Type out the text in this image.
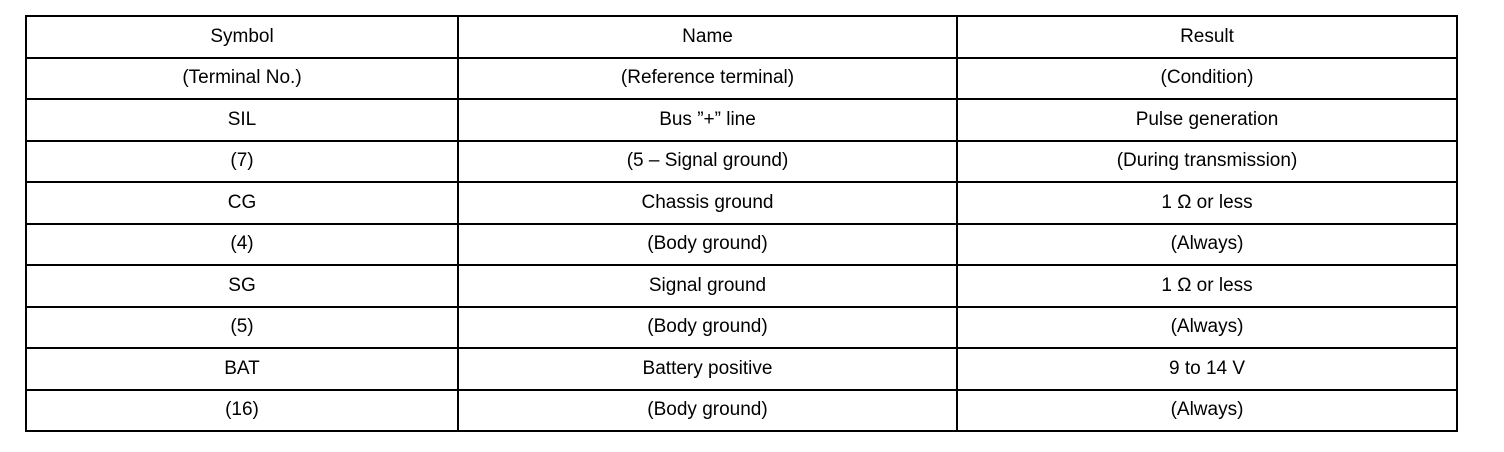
Symbol	Name	Result
(Terminal No.)	(Reference terminal)	(Condition)
SIL	Bus ”+” line	Pulse generation
(7)	(5 – Signal ground)	(During transmission)
CG	Chassis ground	1 Ω or less
(4)	(Body ground)	(Always)
SG	Signal ground	1 Ω or less
(5)	(Body ground)	(Always)
BAT	Battery positive	9 to 14 V
(16)	(Body ground)	(Always)
